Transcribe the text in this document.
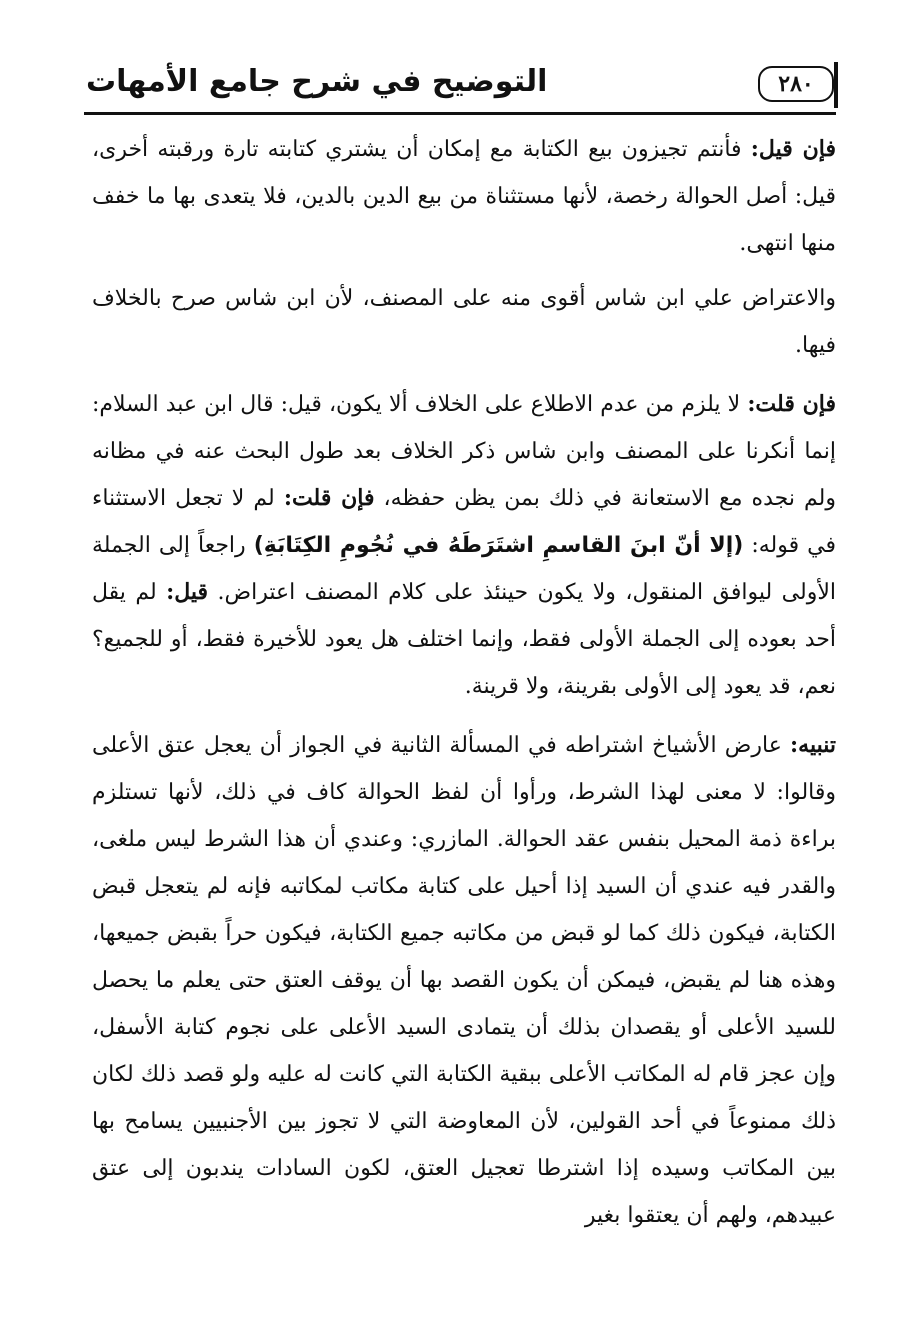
٢٨٠
التوضيح في شرح جامع الأمهات

فإن قيل: فأنتم تجيزون بيع الكتابة مع إمكان أن يشتري كتابته تارة ورقبته أخرى، قيل: أصل الحوالة رخصة، لأنها مستثناة من بيع الدين بالدين، فلا يتعدى بها ما خفف منها انتهى.

والاعتراض علي ابن شاس أقوى منه على المصنف، لأن ابن شاس صرح بالخلاف فيها.

فإن قلت: لا يلزم من عدم الاطلاع على الخلاف ألا يكون، قيل: قال ابن عبد السلام: إنما أنكرنا على المصنف وابن شاس ذكر الخلاف بعد طول البحث عنه في مظانه ولم نجده مع الاستعانة في ذلك بمن يظن حفظه، فإن قلت: لم لا تجعل الاستثناء في قوله: (إلا أنّ ابنَ القاسمِ اشتَرَطَهُ في نُجُومِ الكِتَابَةِ) راجعاً إلى الجملة الأولى ليوافق المنقول، ولا يكون حينئذ على كلام المصنف اعتراض. قيل: لم يقل أحد بعوده إلى الجملة الأولى فقط، وإنما اختلف هل يعود للأخيرة فقط، أو للجميع؟ نعم، قد يعود إلى الأولى بقرينة، ولا قرينة.

تنبيه: عارض الأشياخ اشتراطه في المسألة الثانية في الجواز أن يعجل عتق الأعلى وقالوا: لا معنى لهذا الشرط، ورأوا أن لفظ الحوالة كاف في ذلك، لأنها تستلزم براءة ذمة المحيل بنفس عقد الحوالة. المازري: وعندي أن هذا الشرط ليس ملغى، والقدر فيه عندي أن السيد إذا أحيل على كتابة مكاتب لمكاتبه فإنه لم يتعجل قبض الكتابة، فيكون ذلك كما لو قبض من مكاتبه جميع الكتابة، فيكون حراً بقبض جميعها، وهذه هنا لم يقبض، فيمكن أن يكون القصد بها أن يوقف العتق حتى يعلم ما يحصل للسيد الأعلى أو يقصدان بذلك أن يتمادى السيد الأعلى على نجوم كتابة الأسفل، وإن عجز قام له المكاتب الأعلى ببقية الكتابة التي كانت له عليه ولو قصد ذلك لكان ذلك ممنوعاً في أحد القولين، لأن المعاوضة التي لا تجوز بين الأجنبيين يسامح بها بين المكاتب وسيده إذا اشترطا تعجيل العتق، لكون السادات يندبون إلى عتق عبيدهم، ولهم أن يعتقوا بغير
